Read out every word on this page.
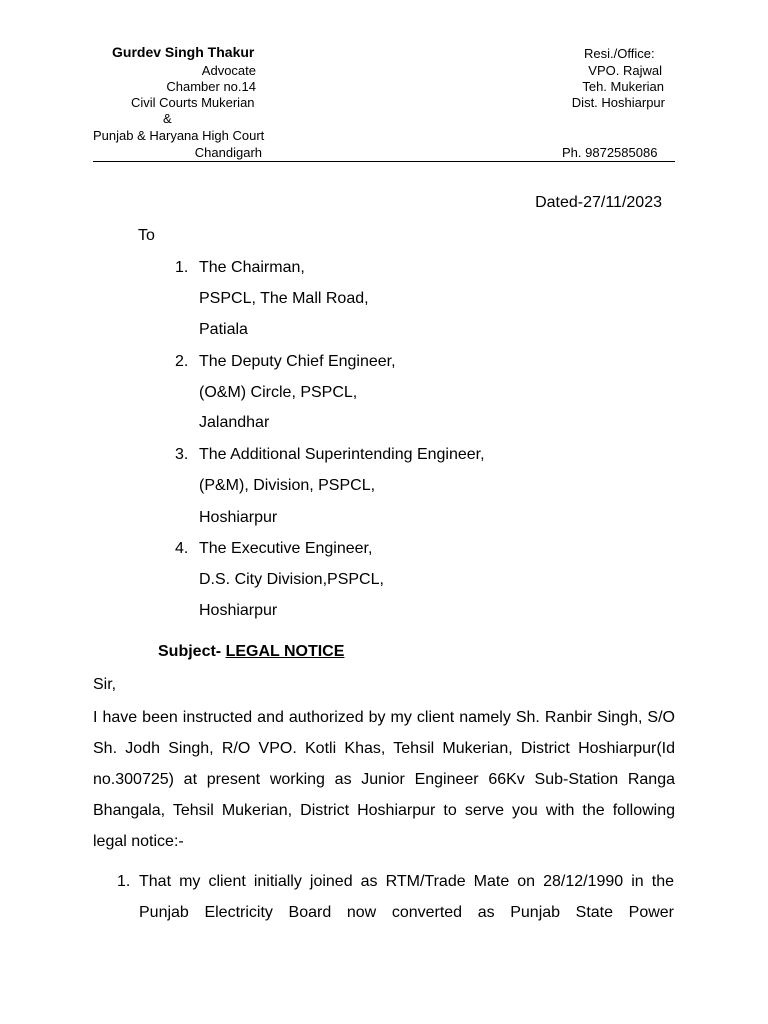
Gurdev Singh Thakur
Advocate
Chamber no.14
Civil Courts Mukerian
&
Punjab & Haryana High Court
Chandigarh
Resi./Office:
VPO. Rajwal
Teh. Mukerian
Dist. Hoshiarpur
Ph. 9872585086
Dated-27/11/2023
To
1. The Chairman,
PSPCL, The Mall Road,
Patiala
2. The Deputy Chief Engineer,
(O&M) Circle, PSPCL,
Jalandhar
3. The Additional Superintending Engineer,
(P&M), Division, PSPCL,
Hoshiarpur
4. The Executive Engineer,
D.S. City Division,PSPCL,
Hoshiarpur
Subject- LEGAL NOTICE
Sir,
I have been instructed and authorized by my client namely Sh. Ranbir Singh, S/O Sh. Jodh Singh, R/O VPO. Kotli Khas, Tehsil Mukerian, District Hoshiarpur(Id no.300725) at present working as Junior Engineer 66Kv Sub-Station Ranga Bhangala, Tehsil Mukerian, District Hoshiarpur to serve you with the following legal notice:-
1. That my client initially joined as RTM/Trade Mate on 28/12/1990 in the Punjab Electricity Board now converted as Punjab State Power
